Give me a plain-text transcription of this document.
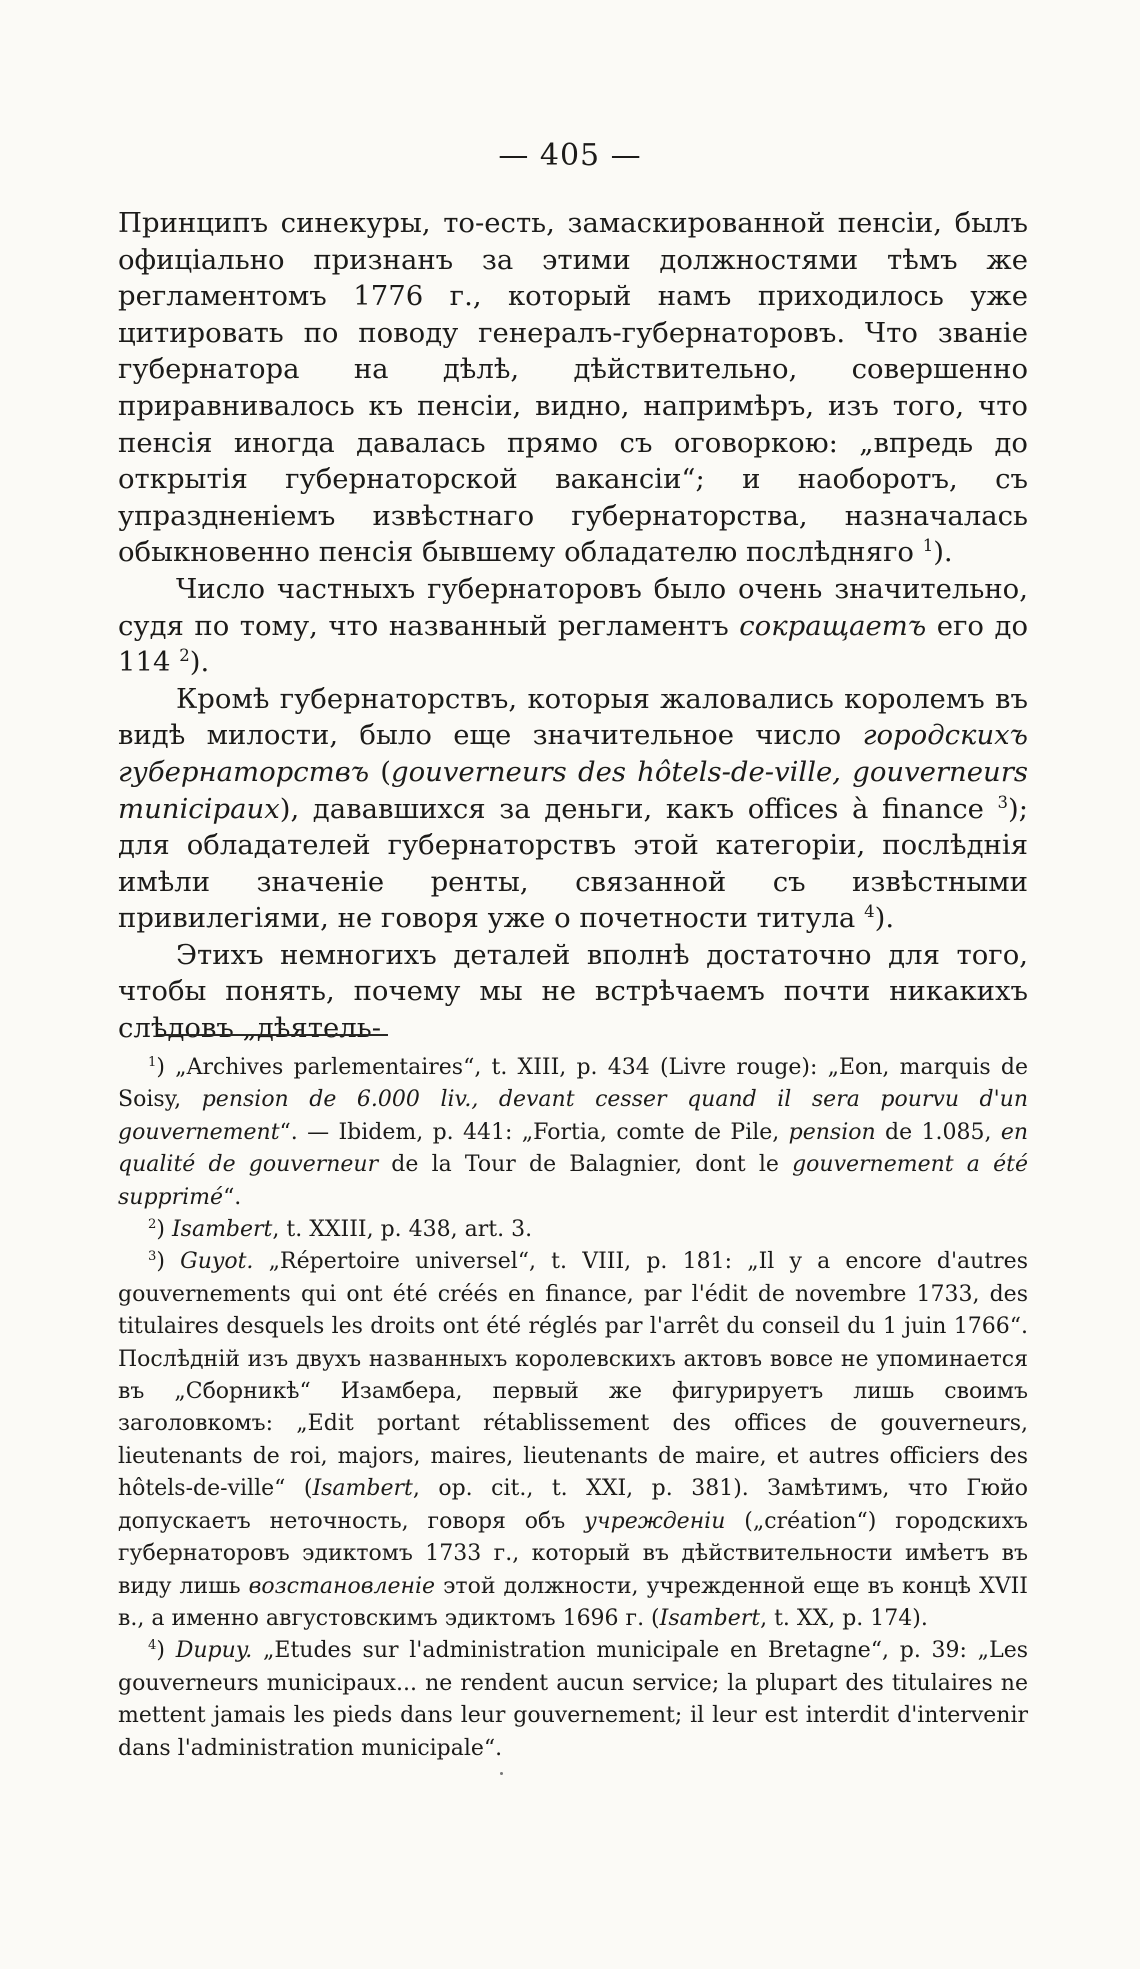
— 405 —

Принципъ синекуры, то-есть, замаскированной пенсіи, былъ офиціально признанъ за этими должностями тѣмъ же регламентомъ 1776 г., который намъ приходилось уже цитировать по поводу генералъ-губернаторовъ. Что званіе губернатора на дѣлѣ, дѣйствительно, совершенно приравнивалось къ пенсіи, видно, напримѣръ, изъ того, что пенсія иногда давалась прямо съ оговоркою: „впредь до открытія губернаторской вакансіи“; и наоборотъ, съ упраздненіемъ извѣстнаго губернаторства, назначалась обыкновенно пенсія бывшему обладателю послѣдняго $^1$).

Число частныхъ губернаторовъ было очень значительно, судя по тому, что названный регламентъ сокращаетъ его до 114 $^2$).

Кромѣ губернаторствъ, которыя жаловались королемъ въ видѣ милости, было еще значительное число городскихъ губернаторствъ (gouverneurs des hôtels-de-ville, gouverneurs municipaux), дававшихся за деньги, какъ offices à finance $^3$); для обладателей губернаторствъ этой категоріи, послѣднія имѣли значеніе ренты, связанной съ извѣстными привилегіями, не говоря уже о почетности титула $^4$).

Этихъ немногихъ деталей вполнѣ достаточно для того, чтобы понять, почему мы не встрѣчаемъ почти никакихъ слѣдовъ „дѣятель-

$^1$) „Archives parlementaires“, t. XIII, p. 434 (Livre rouge): „Eon, marquis de Soisy, pension de 6.000 liv., devant cesser quand il sera pourvu d'un gouvernement“. — Ibidem, p. 441: „Fortia, comte de Pile, pension de 1.085, en qualité de gouverneur de la Tour de Balagnier, dont le gouvernement a été supprimé“.

$^2$) Isambert, t. XXIII, p. 438, art. 3.

$^3$) Guyot. „Répertoire universel“, t. VIII, p. 181: „Il y a encore d'autres gouvernements qui ont été créés en finance, par l'édit de novembre 1733, des titulaires desquels les droits ont été réglés par l'arrêt du conseil du 1 juin 1766“. Послѣдній изъ двухъ названныхъ королевскихъ актовъ вовсе не упоминается въ „Сборникѣ“ Изамбера, первый же фигурируетъ лишь своимъ заголовкомъ: „Edit portant rétablissement des offices de gouverneurs, lieutenants de roi, majors, maires, lieutenants de maire, et autres officiers des hôtels-de-ville“ (Isambert, op. cit., t. XXI, p. 381). Замѣтимъ, что Гюйо допускаетъ неточность, говоря объ учрежденіи („création“) городскихъ губернаторовъ эдиктомъ 1733 г., который въ дѣйствительности имѣетъ въ виду лишь возстановленіе этой должности, учрежденной еще въ концѣ XVII в., а именно августовскимъ эдиктомъ 1696 г. (Isambert, t. XX, p. 174).

$^4$) Dupuy. „Etudes sur l'administration municipale en Bretagne“, p. 39: „Les gouverneurs municipaux... ne rendent aucun service; la plupart des titulaires ne mettent jamais les pieds dans leur gouvernement; il leur est interdit d'intervenir dans l'administration municipale“.
